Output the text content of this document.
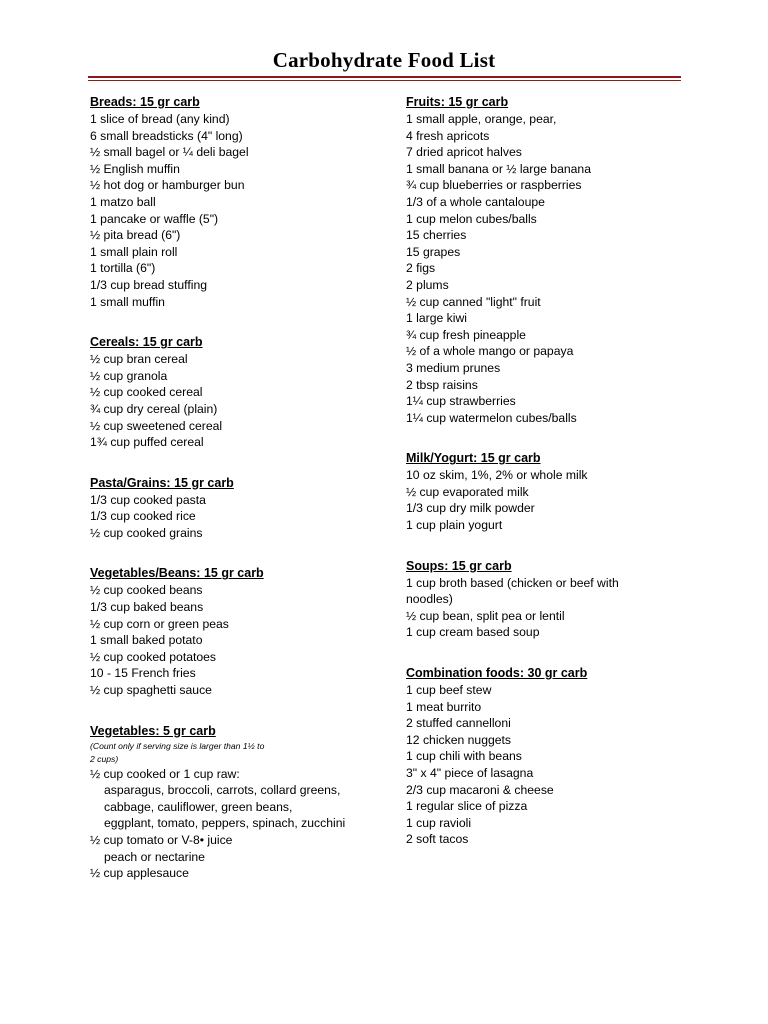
Carbohydrate Food List
Breads: 15 gr carb
1 slice of bread (any kind)
6 small breadsticks (4" long)
½ small bagel or ¼ deli bagel
½ English muffin
½ hot dog or hamburger bun
1 matzo ball
1 pancake or waffle (5")
½ pita bread (6")
1 small plain roll
1 tortilla (6")
1/3 cup bread stuffing
1 small muffin
Cereals: 15 gr carb
½ cup bran cereal
½ cup granola
½ cup cooked cereal
¾ cup dry cereal (plain)
½ cup sweetened cereal
1¾ cup puffed cereal
Pasta/Grains: 15 gr carb
1/3 cup cooked pasta
1/3 cup cooked rice
½ cup cooked grains
Vegetables/Beans: 15 gr carb
½ cup cooked beans
1/3 cup baked beans
½ cup corn or green peas
1 small baked potato
½ cup cooked potatoes
10 - 15 French fries
½ cup spaghetti sauce
Vegetables: 5 gr carb
(Count only if serving size is larger than 1½ to 2 cups)
½ cup cooked or 1 cup raw:
asparagus, broccoli, carrots, collard greens,
cabbage, cauliflower, green beans,
eggplant, tomato, peppers, spinach, zucchini
½ cup tomato or V-8• juice
peach or nectarine
½ cup applesauce
Fruits: 15 gr carb
1 small apple, orange, pear,
4 fresh apricots
7 dried apricot halves
1 small banana or ½ large banana
¾ cup blueberries or raspberries
1/3 of a whole cantaloupe
1 cup melon cubes/balls
15 cherries
15 grapes
2 figs
2 plums
½ cup canned "light" fruit
1 large kiwi
¾ cup fresh pineapple
½ of a whole mango or papaya
3 medium prunes
2 tbsp raisins
1¼ cup strawberries
1¼ cup watermelon cubes/balls
Milk/Yogurt: 15 gr carb
10 oz skim, 1%, 2% or whole milk
½ cup evaporated milk
1/3 cup dry milk powder
1 cup plain yogurt
Soups: 15 gr carb
1 cup broth based (chicken or beef with noodles)
½ cup bean, split pea or lentil
1 cup cream based soup
Combination foods: 30 gr carb
1 cup beef stew
1 meat burrito
2 stuffed cannelloni
12 chicken nuggets
1 cup chili with beans
3" x 4" piece of lasagna
2/3 cup macaroni & cheese
1 regular slice of pizza
1 cup ravioli
2 soft tacos
